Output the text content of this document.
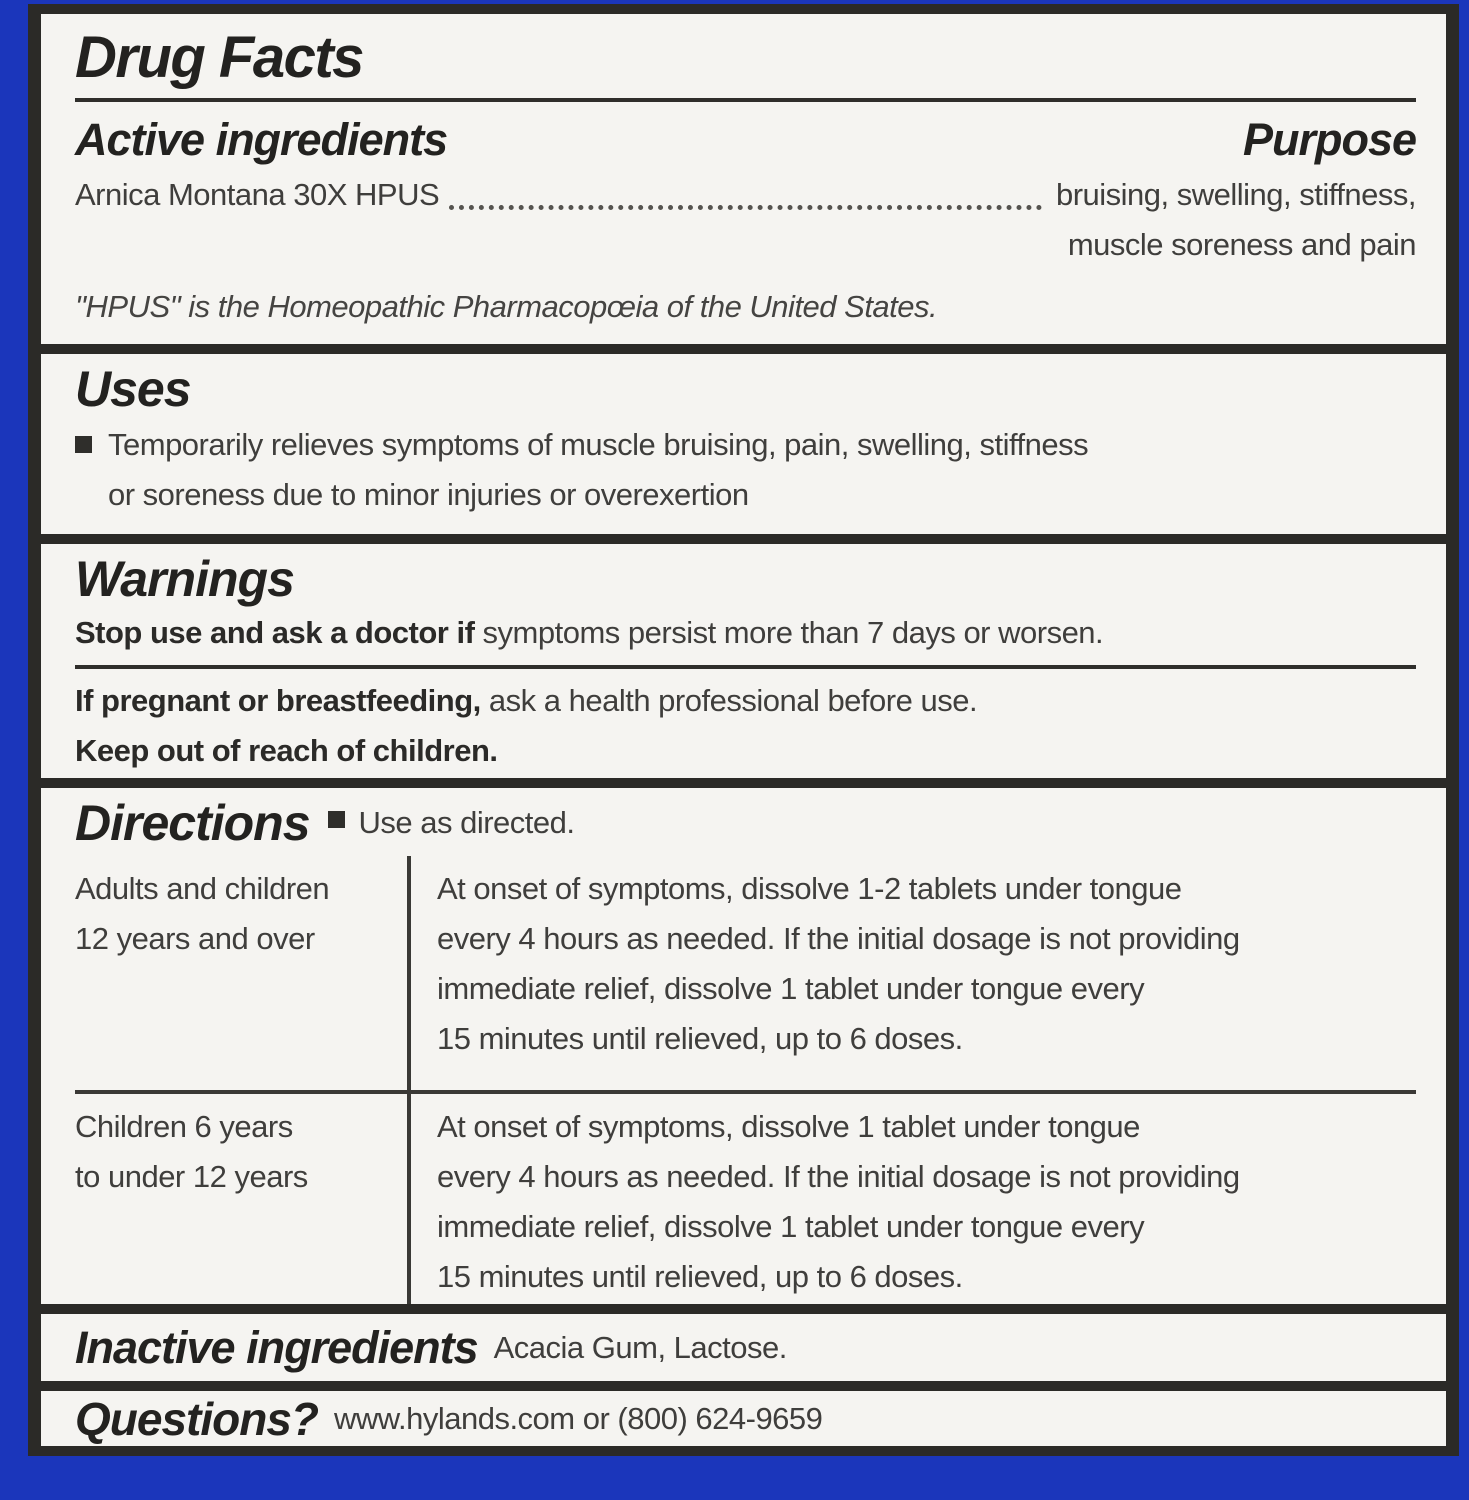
Drug Facts
Active ingredients	Purpose
Arnica Montana 30X HPUS	bruising, swelling, stiffness,
muscle soreness and pain
"HPUS" is the Homeopathic Pharmacopœia of the United States.
Uses
Temporarily relieves symptoms of muscle bruising, pain, swelling, stiffness
or soreness due to minor injuries or overexertion
Warnings

Stop use and ask a doctor if symptoms persist more than 7 days or worsen.

If pregnant or breastfeeding, ask a health professional before use.

Keep out of reach of children.

Directions Use as directed.
Adults and children
12 years and over
At onset of symptoms, dissolve 1-2 tablets under tongue
every 4 hours as needed. If the initial dosage is not providing
immediate relief, dissolve 1 tablet under tongue every
15 minutes until relieved, up to 6 doses.
Children 6 years
to under 12 years
At onset of symptoms, dissolve 1 tablet under tongue
every 4 hours as needed. If the initial dosage is not providing
immediate relief, dissolve 1 tablet under tongue every
15 minutes until relieved, up to 6 doses.
Inactive ingredients Acacia Gum, Lactose.
Questions? www.hylands.com or (800) 624-9659
